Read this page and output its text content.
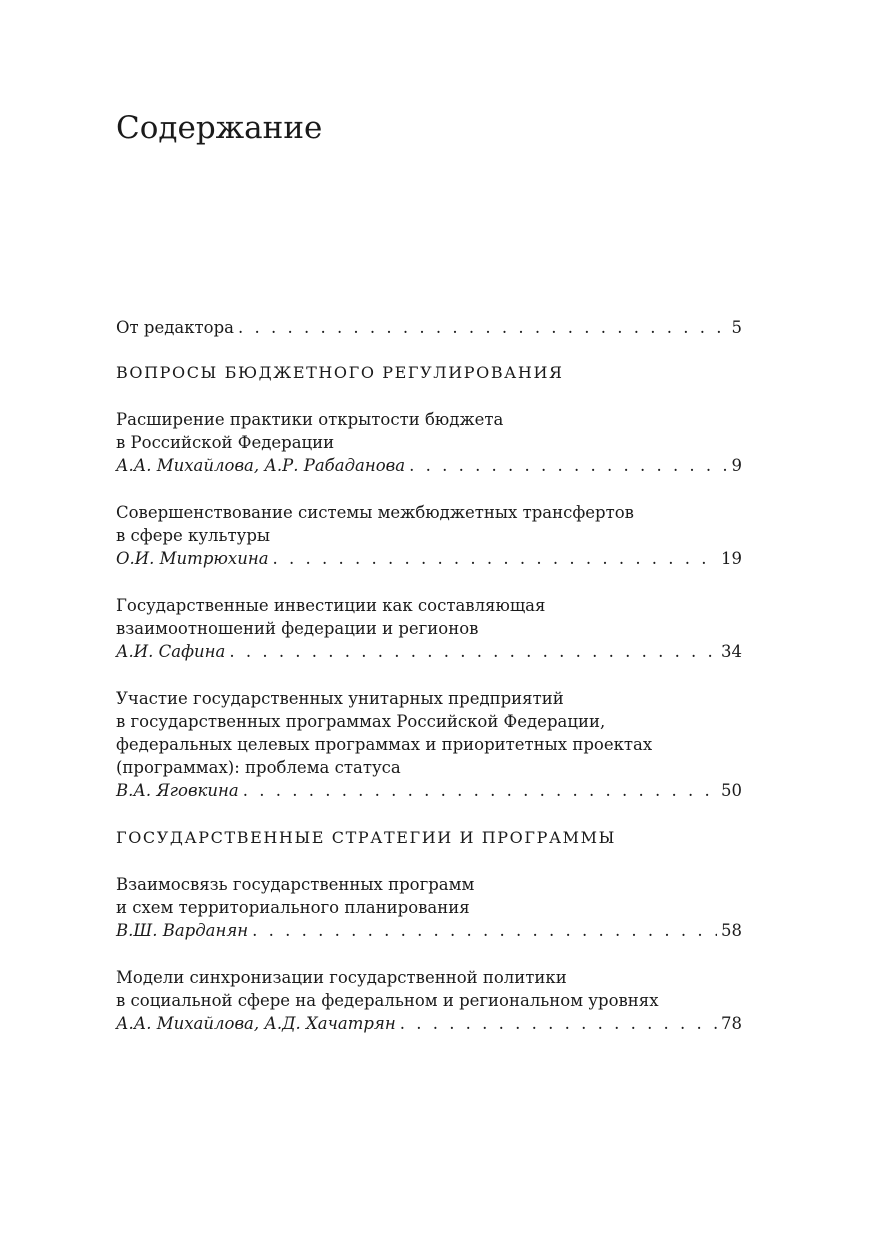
Содержание
От редактора . . .	5
ВОПРОСЫ БЮДЖЕТНОГО РЕГУЛИРОВАНИЯ
Расширение практики открытости бюджета
в Российской Федерации
А.А. Михайлова, А.Р. Рабаданова . . .	9
Совершенствование системы межбюджетных трансфертов
в сфере культуры
О.И. Митрюхина . . .	19
Государственные инвестиции как составляющая
взаимоотношений федерации и регионов
А.И. Сафина . . .	34
Участие государственных унитарных предприятий
в государственных программах Российской Федерации,
федеральных целевых программах и приоритетных проектах
(программах): проблема статуса
В.А. Яговкина . . .	50
ГОСУДАРСТВЕННЫЕ СТРАТЕГИИ И ПРОГРАММЫ
Взаимосвязь государственных программ
и схем территориального планирования
В.Ш. Варданян . . .	58
Модели синхронизации государственной политики
в социальной сфере на федеральном и региональном уровнях
А.А. Михайлова, А.Д. Хачатрян . . .	78
